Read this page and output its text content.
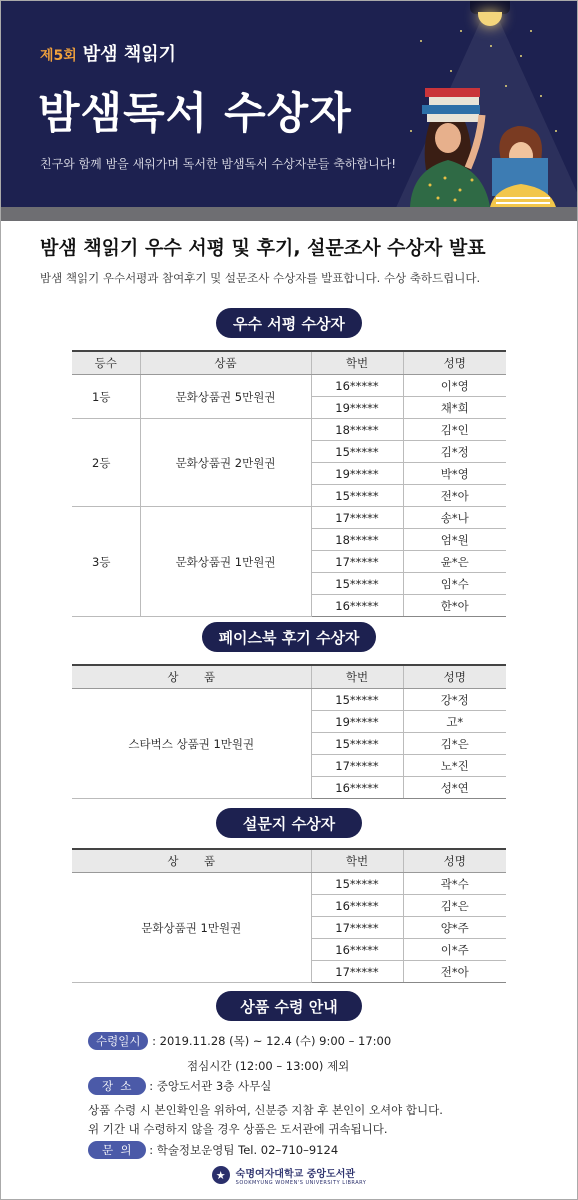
제5회 밤샘 책읽기
밤샘독서 수상자
친구와 함께 밤을 새워가며 독서한 밤샘독서 수상자분들 축하합니다!
밤샘 책읽기 우수 서평 및 후기, 설문조사 수상자 발표
밤샘 책읽기 우수서평과 참여후기 및 설문조사 수상자를 발표합니다. 수상 축하드립니다.
우수 서평 수상자
등수	상품	학번	성명
1등	문화상품권 5만원권	16*****	이*영
		19*****	채*희
2등	문화상품권 2만원권	18*****	김*인
		15*****	김*정
		19*****	박*영
		15*****	전*아
3등	문화상품권 1만원권	17*****	송*나
		18*****	엄*원
		17*****	윤*은
		15*****	임*수
		16*****	한*아
페이스북 후기 수상자
상       품	학번	성명
스타벅스 상품권 1만원권	15*****	강*정
	19*****	고*
	15*****	김*은
	17*****	노*진
	16*****	성*연
설문지 수상자
상       품	학번	성명
문화상품권 1만원권	15*****	곽*수
	16*****	김*은
	17*****	양*주
	16*****	이*주
	17*****	전*아
상품 수령 안내
수령일시 : 2019.11.28 (목) ~ 12.4 (수) 9:00 – 17:00
점심시간 (12:00 – 13:00) 제외
장  소 : 중앙도서관 3층 사무실
상품 수령 시 본인확인을 위하여, 신분증 지참 후 본인이 오셔야 합니다.
위 기간 내 수령하지 않을 경우 상품은 도서관에 귀속됩니다.
문  의 : 학술정보운영팀 Tel. 02–710–9124
★	숙명여자대학교 중앙도서관
SOOKMYUNG WOMEN'S UNIVERSITY LIBRARY
